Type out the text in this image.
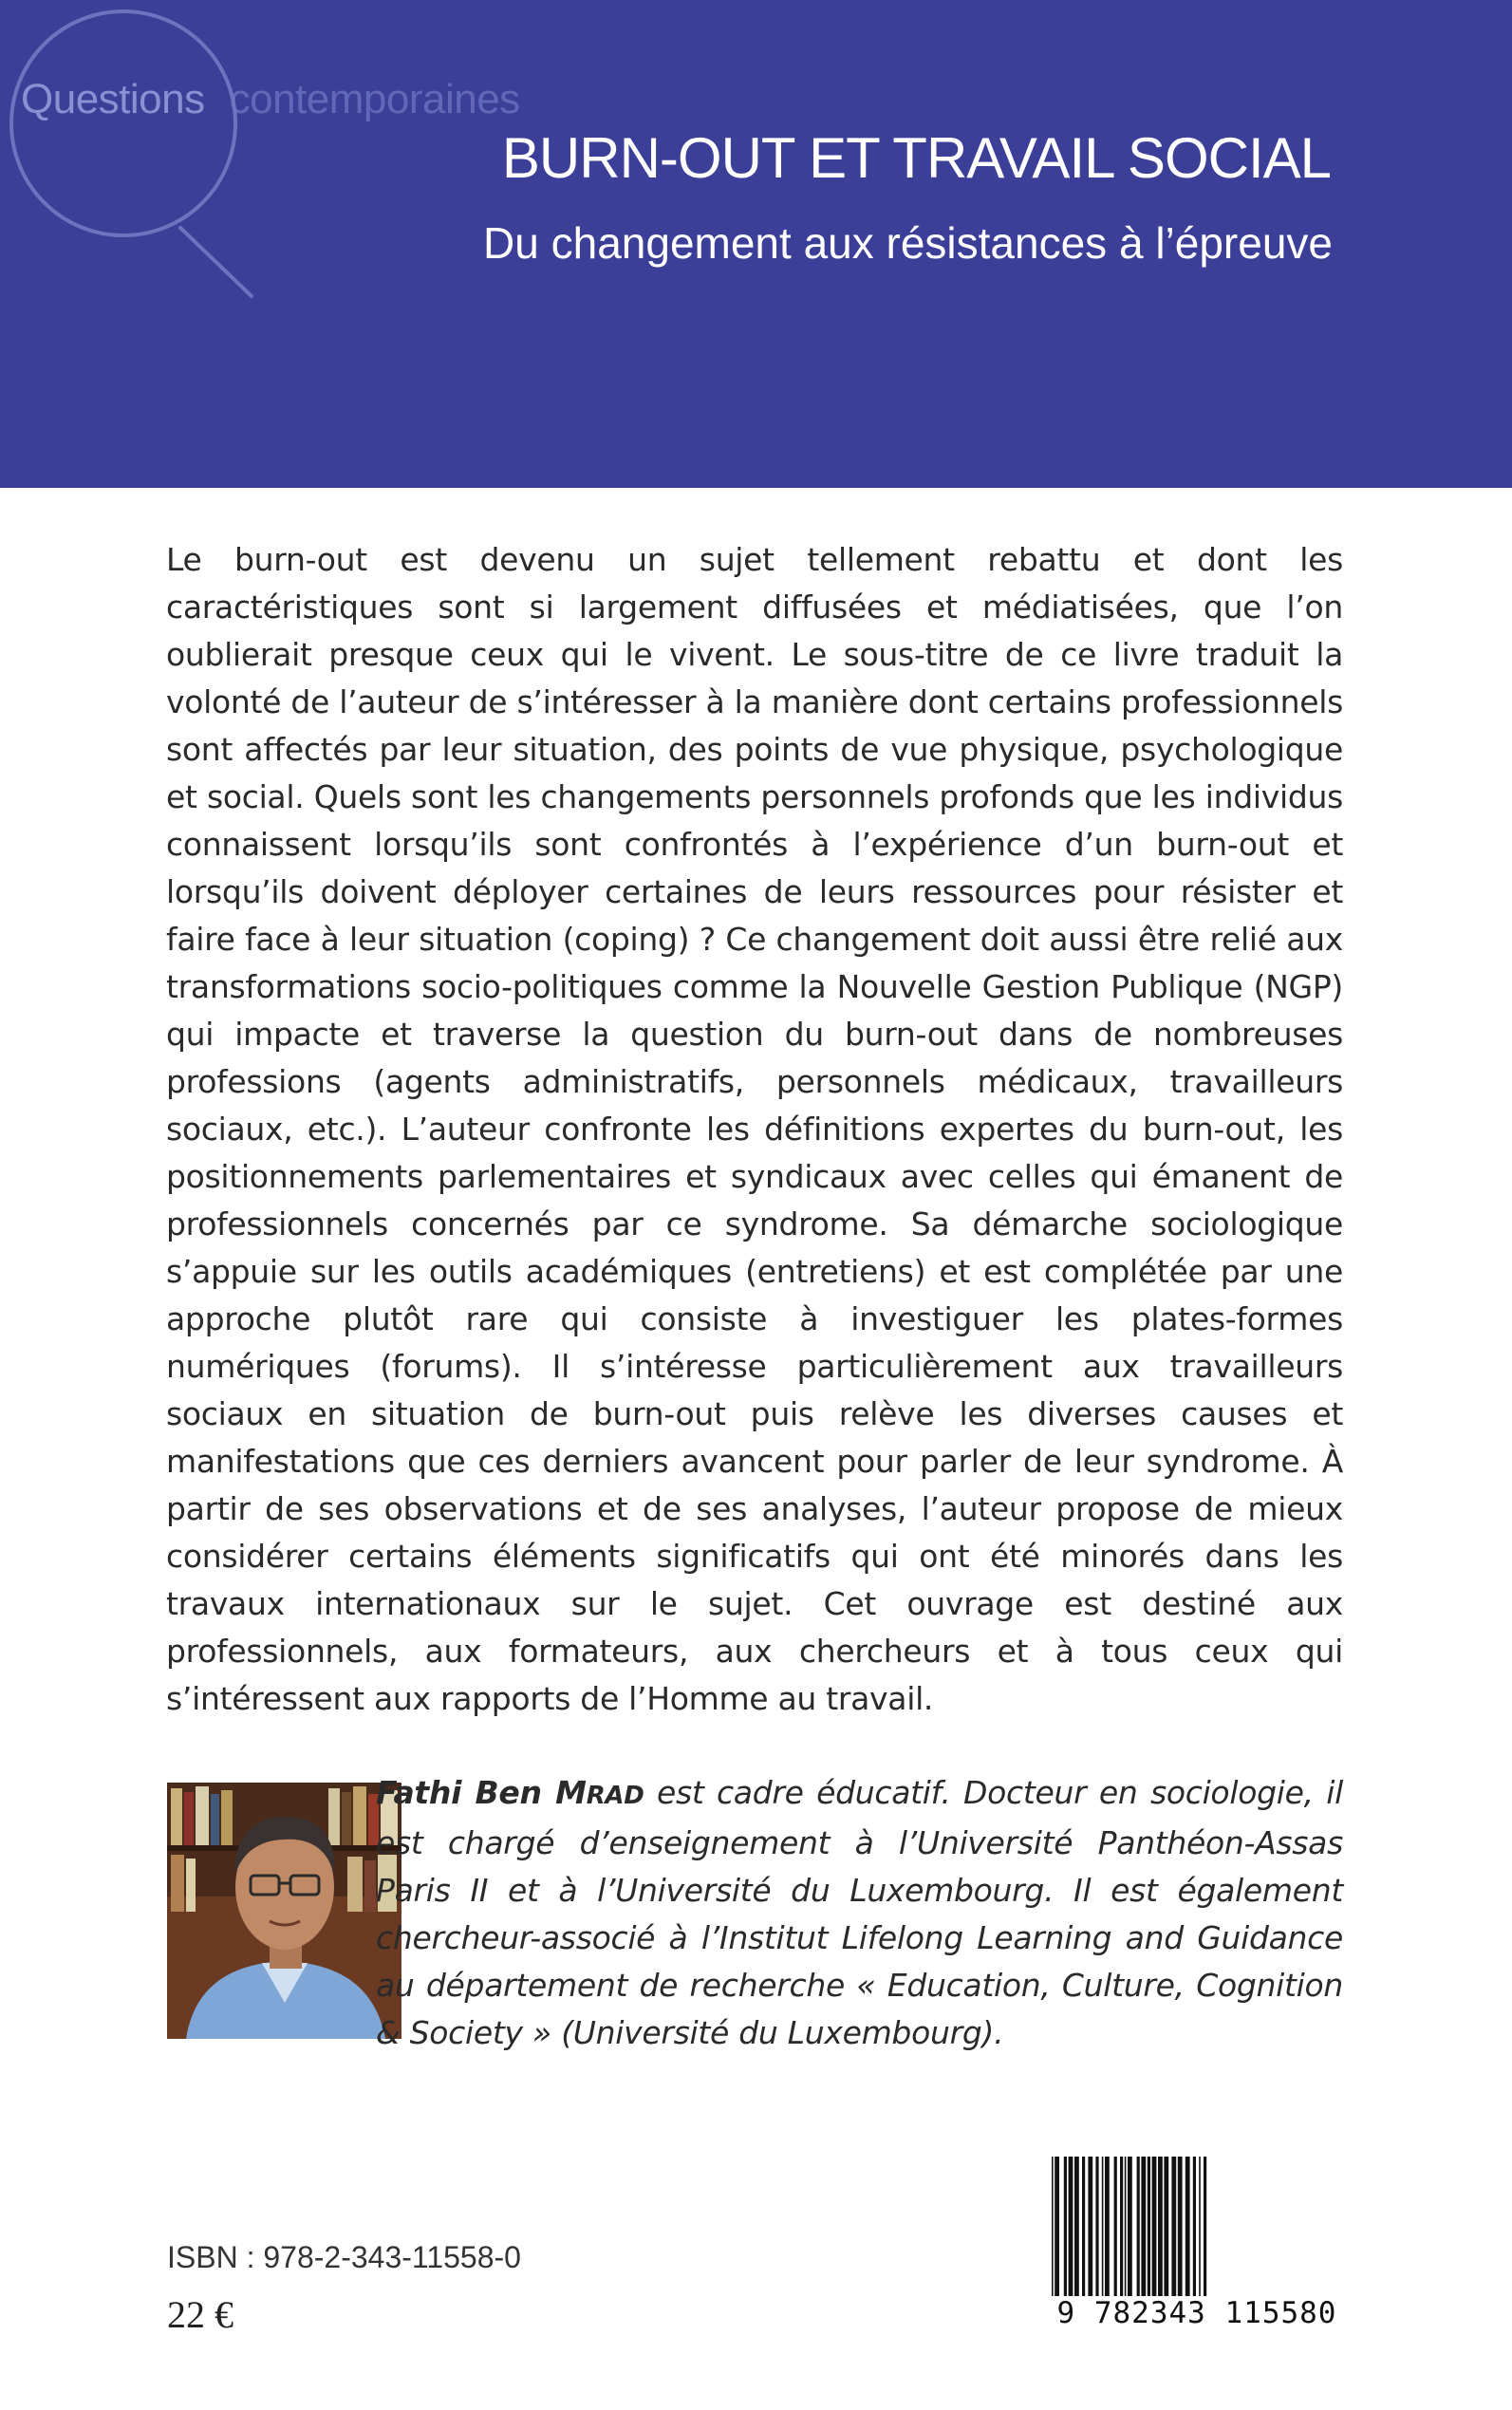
Questions contemporaines
BURN-OUT ET TRAVAIL SOCIAL
Du changement aux résistances à l’épreuve

Le burn-out est devenu un sujet tellement rebattu et dont les caractéristiques sont si largement diffusées et médiatisées, que l’on oublierait presque ceux qui le vivent. Le sous-titre de ce livre traduit la volonté de l’auteur de s’intéresser à la manière dont certains professionnels sont affectés par leur situation, des points de vue physique, psychologique et social. Quels sont les changements personnels profonds que les individus connaissent lorsqu’ils sont confrontés à l’expérience d’un burn-out et lorsqu’ils doivent déployer certaines de leurs ressources pour résister et faire face à leur situation (coping) ? Ce changement doit aussi être relié aux transformations socio-politiques comme la Nouvelle Gestion Publique (NGP) qui impacte et traverse la question du burn-out dans de nombreuses professions (agents administratifs, personnels médicaux, travailleurs sociaux, etc.). L’auteur confronte les définitions expertes du burn-out, les positionnements parlementaires et syndicaux avec celles qui émanent de professionnels concernés par ce syndrome. Sa démarche sociologique s’appuie sur les outils académiques (entretiens) et est complétée par une approche plutôt rare qui consiste à investiguer les plates-formes numériques (forums). Il s’intéresse particulièrement aux travailleurs sociaux en situation de burn-out puis relève les diverses causes et manifestations que ces derniers avancent pour parler de leur syndrome. À partir de ses observations et de ses analyses, l’auteur propose de mieux considérer certains éléments significatifs qui ont été minorés dans les travaux internationaux sur le sujet. Cet ouvrage est destiné aux professionnels, aux formateurs, aux chercheurs et à tous ceux qui s’intéressent aux rapports de l’Homme au travail.

Fathi Ben MRAD est cadre éducatif. Docteur en sociologie, il est chargé d’enseignement à l’Université Panthéon-Assas Paris II et à l’Université du Luxembourg. Il est également chercheur-associé à l’Institut Lifelong Learning and Guidance au département de recherche « Education, Culture, Cognition & Society » (Université du Luxembourg).

ISBN : 978-2-343-11558-0
22 €	9 782343 115580
